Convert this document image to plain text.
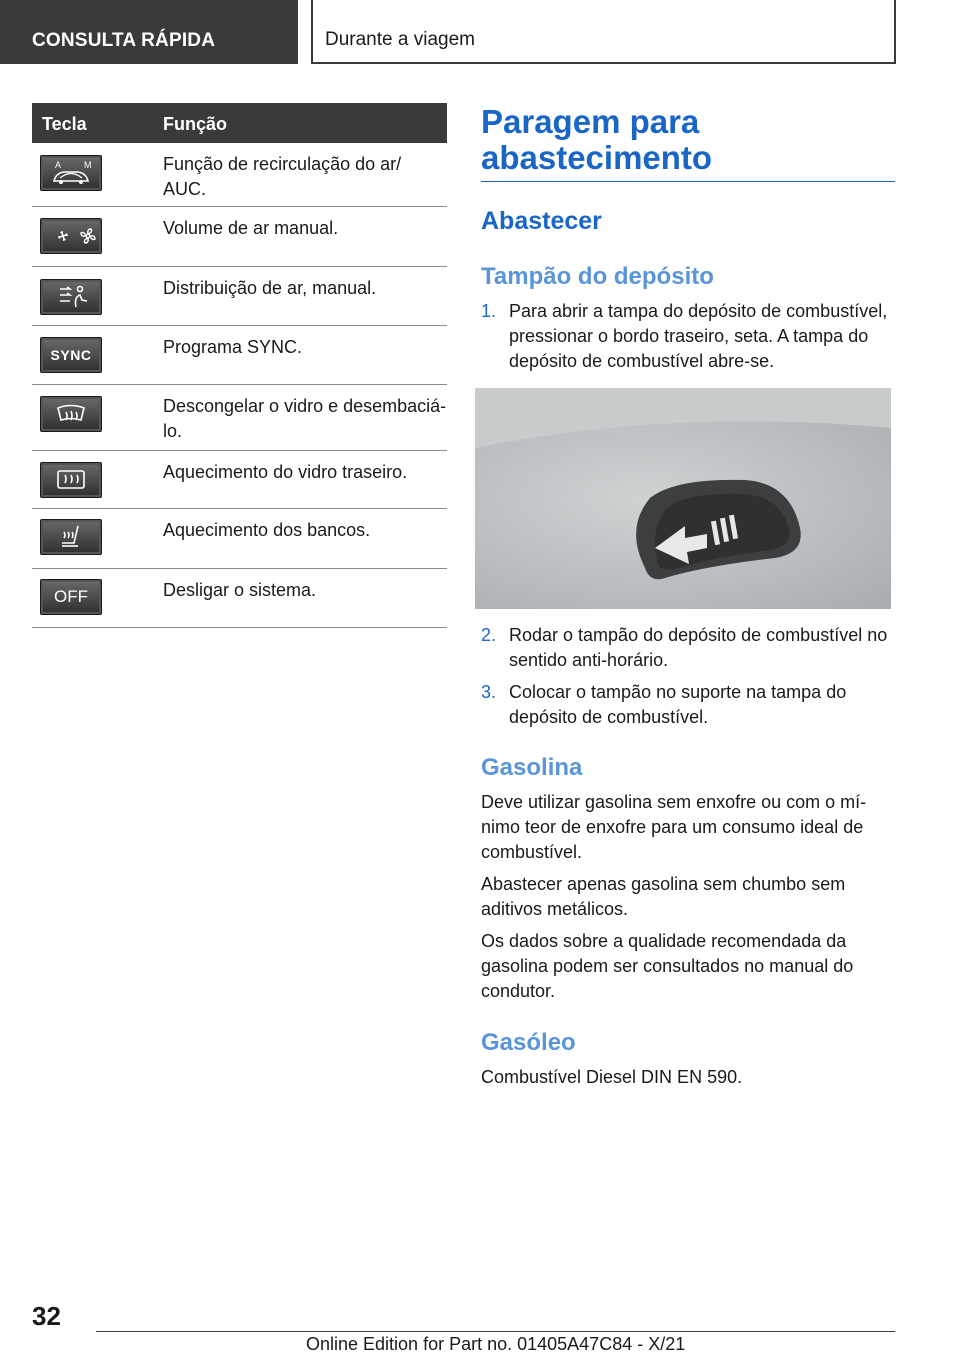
CONSULTA RÁPIDA	Durante a viagem
Tecla	Função
A	M	Função de recirculação do ar/ AUC.
Volume de ar manual.
Distribuição de ar, manual.
SYNC	Programa SYNC.
Descongelar o vidro e desembaciá-lo.
Aquecimento do vidro traseiro.
Aquecimento dos bancos.
OFF	Desligar o sistema.
Paragem para abastecimento
Abastecer
Tampão do depósito
1. Para abrir a tampa do depósito de combustível, pressionar o bordo traseiro, seta. A tampa do depósito de combustível abre-se.
2. Rodar o tampão do depósito de combustível no sentido anti-horário.
3. Colocar o tampão no suporte na tampa do depósito de combustível.
Gasolina
Deve utilizar gasolina sem enxofre ou com o mínimo teor de enxofre para um consumo ideal de combustível.
Abastecer apenas gasolina sem chumbo sem aditivos metálicos.
Os dados sobre a qualidade recomendada da gasolina podem ser consultados no manual do condutor.
Gasóleo
Combustível Diesel DIN EN 590.
32
Online Edition for Part no. 01405A47C84 - X/21
